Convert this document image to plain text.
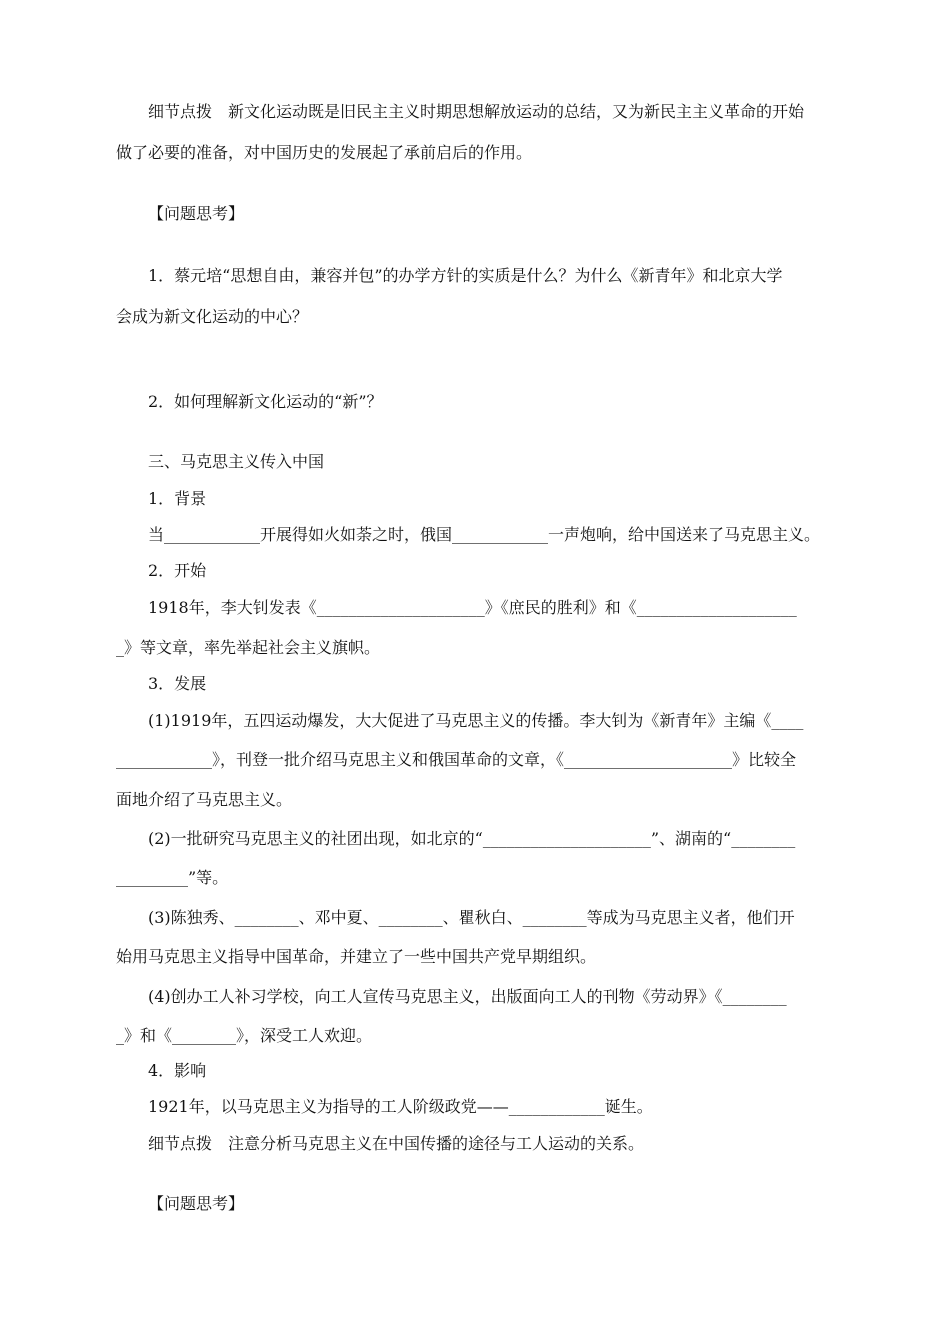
细节点拨　新文化运动既是旧民主主义时期思想解放运动的总结，又为新民主主义革命的开始
做了必要的准备，对中国历史的发展起了承前启后的作用。
【问题思考】
1．蔡元培“思想自由，兼容并包”的办学方针的实质是什么？为什么《新青年》和北京大学
会成为新文化运动的中心？
2．如何理解新文化运动的“新”？
三、马克思主义传入中国
1．背景
当____________开展得如火如荼之时，俄国____________一声炮响，给中国送来了马克思主义。
2．开始
1918年，李大钊发表《_____________________》《庶民的胜利》和《____________________
_》等文章，率先举起社会主义旗帜。
3．发展
(1)1919年，五四运动爆发，大大促进了马克思主义的传播。李大钊为《新青年》主编《____
____________》，刊登一批介绍马克思主义和俄国革命的文章，《_____________________》比较全
面地介绍了马克思主义。
(2)一批研究马克思主义的社团出现，如北京的“_____________________”、湖南的“________
_________”等。
(3)陈独秀、________、邓中夏、________、瞿秋白、________等成为马克思主义者，他们开
始用马克思主义指导中国革命，并建立了一些中国共产党早期组织。
(4)创办工人补习学校，向工人宣传马克思主义，出版面向工人的刊物《劳动界》《________
_》和《________》，深受工人欢迎。
4．影响
1921年，以马克思主义为指导的工人阶级政党——____________诞生。
细节点拨　注意分析马克思主义在中国传播的途径与工人运动的关系。
【问题思考】
